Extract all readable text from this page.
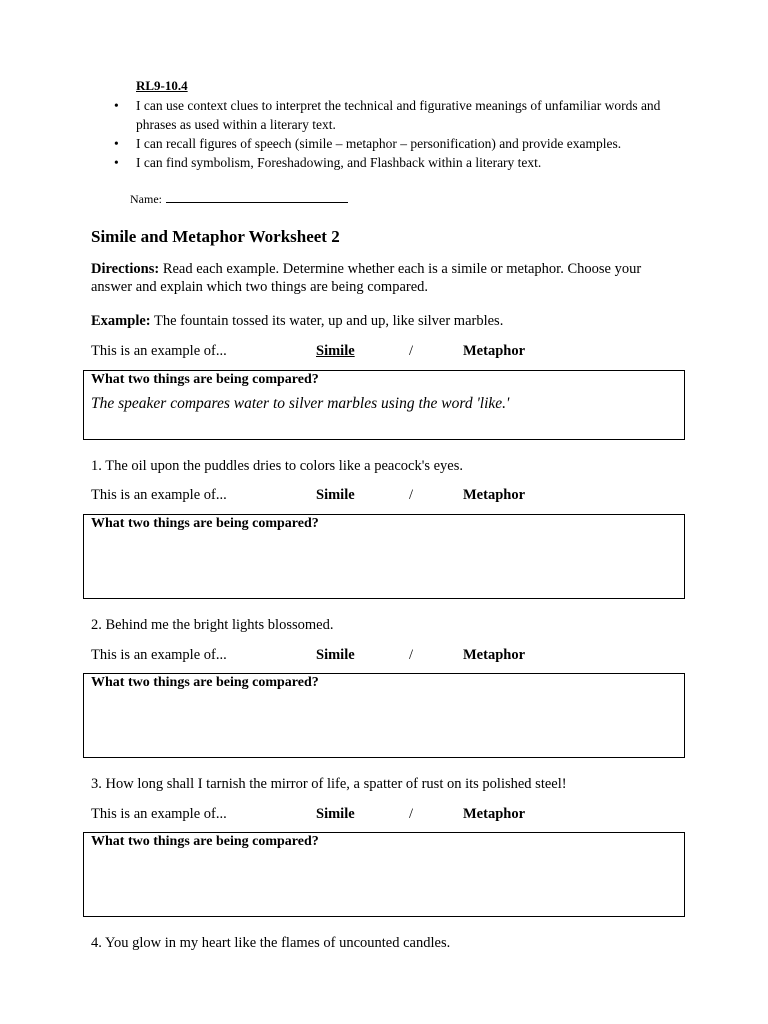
RL9-10.4
• I can use context clues to interpret the technical and figurative meanings of unfamiliar words and phrases as used within a literary text.
• I can recall figures of speech (simile – metaphor – personification) and provide examples.
• I can find symbolism, Foreshadowing, and Flashback within a literary text.
Name:
Simile and Metaphor Worksheet 2
Directions: Read each example. Determine whether each is a simile or metaphor. Choose your answer and explain which two things are being compared.
Example: The fountain tossed its water, up and up, like silver marbles.
This is an example of...	Simile	/	Metaphor
What two things are being compared?
The speaker compares water to silver marbles using the word 'like.'
1. The oil upon the puddles dries to colors like a peacock's eyes.
This is an example of...	Simile	/	Metaphor
What two things are being compared?
2. Behind me the bright lights blossomed.
This is an example of...	Simile	/	Metaphor
What two things are being compared?
3. How long shall I tarnish the mirror of life, a spatter of rust on its polished steel!
This is an example of...	Simile	/	Metaphor
What two things are being compared?
4. You glow in my heart like the flames of uncounted candles.
